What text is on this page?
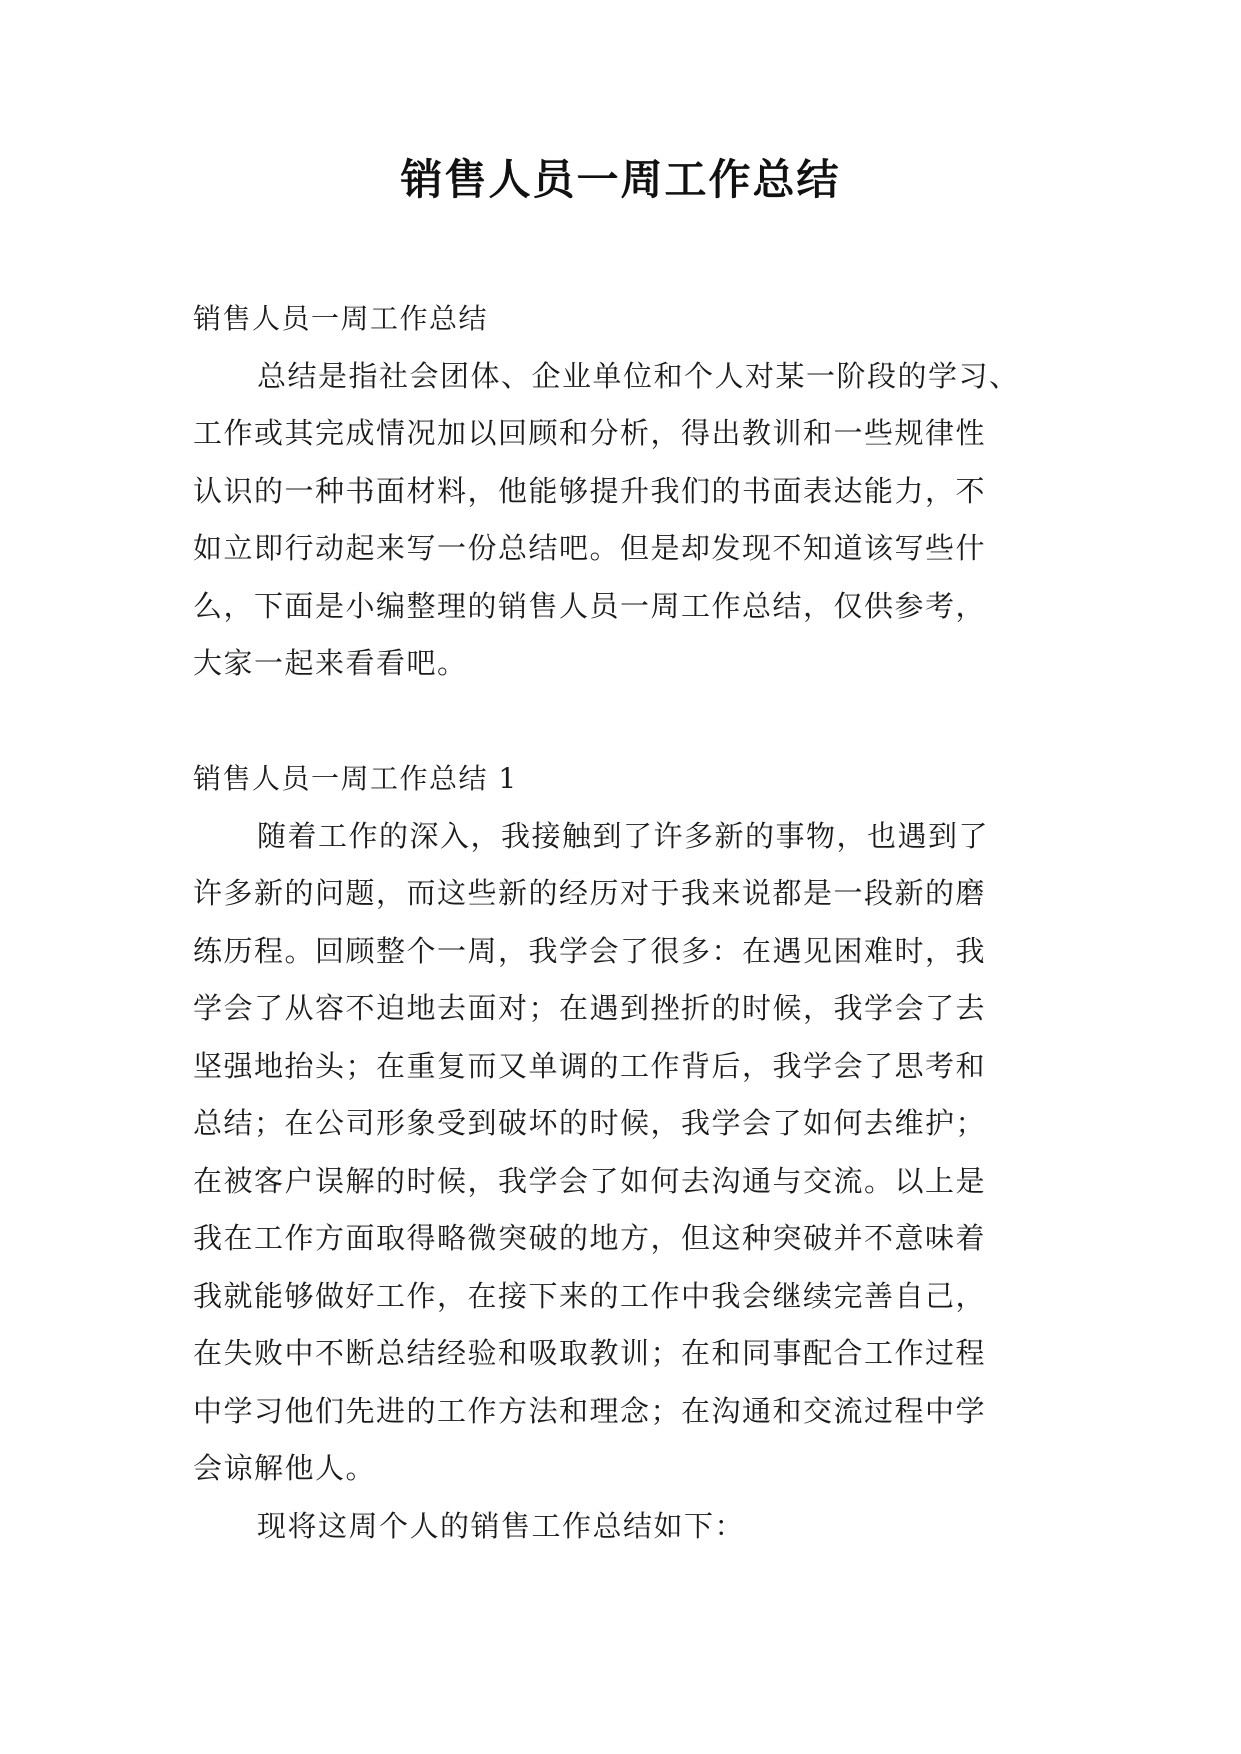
销售人员一周工作总结
销售人员一周工作总结
总结是指社会团体、企业单位和个人对某一阶段的学习、
工作或其完成情况加以回顾和分析，得出教训和一些规律性
认识的一种书面材料，他能够提升我们的书面表达能力，不
如立即行动起来写一份总结吧。但是却发现不知道该写些什
么，下面是小编整理的销售人员一周工作总结，仅供参考，
大家一起来看看吧。
销售人员一周工作总结 1
随着工作的深入，我接触到了许多新的事物，也遇到了
许多新的问题，而这些新的经历对于我来说都是一段新的磨
练历程。回顾整个一周，我学会了很多：在遇见困难时，我
学会了从容不迫地去面对；在遇到挫折的时候，我学会了去
坚强地抬头；在重复而又单调的工作背后，我学会了思考和
总结；在公司形象受到破坏的时候，我学会了如何去维护；
在被客户误解的时候，我学会了如何去沟通与交流。以上是
我在工作方面取得略微突破的地方，但这种突破并不意味着
我就能够做好工作，在接下来的工作中我会继续完善自己，
在失败中不断总结经验和吸取教训；在和同事配合工作过程
中学习他们先进的工作方法和理念；在沟通和交流过程中学
会谅解他人。
现将这周个人的销售工作总结如下：
